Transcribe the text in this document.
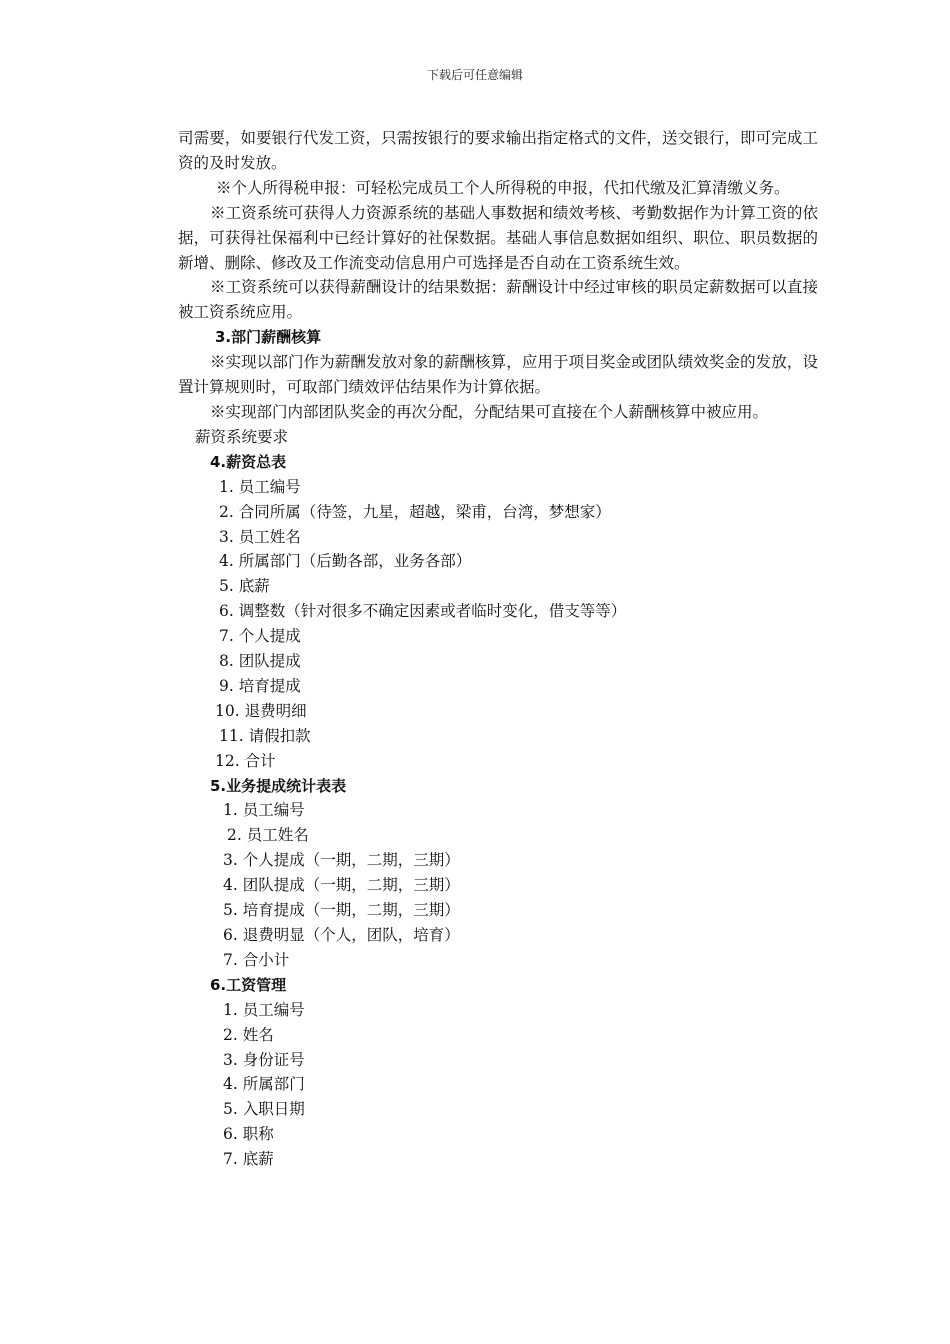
下载后可任意编辑

司需要，如要银行代发工资，只需按银行的要求输出指定格式的文件，送交银行，即可完成工资的及时发放。

※个人所得税申报：可轻松完成员工个人所得税的申报，代扣代缴及汇算清缴义务。

※工资系统可获得人力资源系统的基础人事数据和绩效考核、考勤数据作为计算工资的依据，可获得社保福利中已经计算好的社保数据。基础人事信息数据如组织、职位、职员数据的新增、删除、修改及工作流变动信息用户可选择是否自动在工资系统生效。

※工资系统可以获得薪酬设计的结果数据：薪酬设计中经过审核的职员定薪数据可以直接被工资系统应用。

3.部门薪酬核算

※实现以部门作为薪酬发放对象的薪酬核算，应用于项目奖金或团队绩效奖金的发放，设置计算规则时，可取部门绩效评估结果作为计算依据。

※实现部门内部团队奖金的再次分配，分配结果可直接在个人薪酬核算中被应用。

薪资系统要求

4.薪资总表

1. 员工编号

2. 合同所属（待签，九星，超越，梁甫，台湾，梦想家）

3. 员工姓名

4. 所属部门（后勤各部，业务各部）

5. 底薪

6. 调整数（针对很多不确定因素或者临时变化，借支等等）

7. 个人提成

8. 团队提成

9. 培育提成

10. 退费明细

11. 请假扣款

12. 合计

5.业务提成统计表表

1. 员工编号

2. 员工姓名

3. 个人提成（一期，二期，三期）

4. 团队提成（一期，二期，三期）

5. 培育提成（一期，二期，三期）

6. 退费明显（个人，团队，培育）

7. 合小计

6.工资管理

1. 员工编号

2. 姓名

3. 身份证号

4. 所属部门

5. 入职日期

6. 职称

7. 底薪
